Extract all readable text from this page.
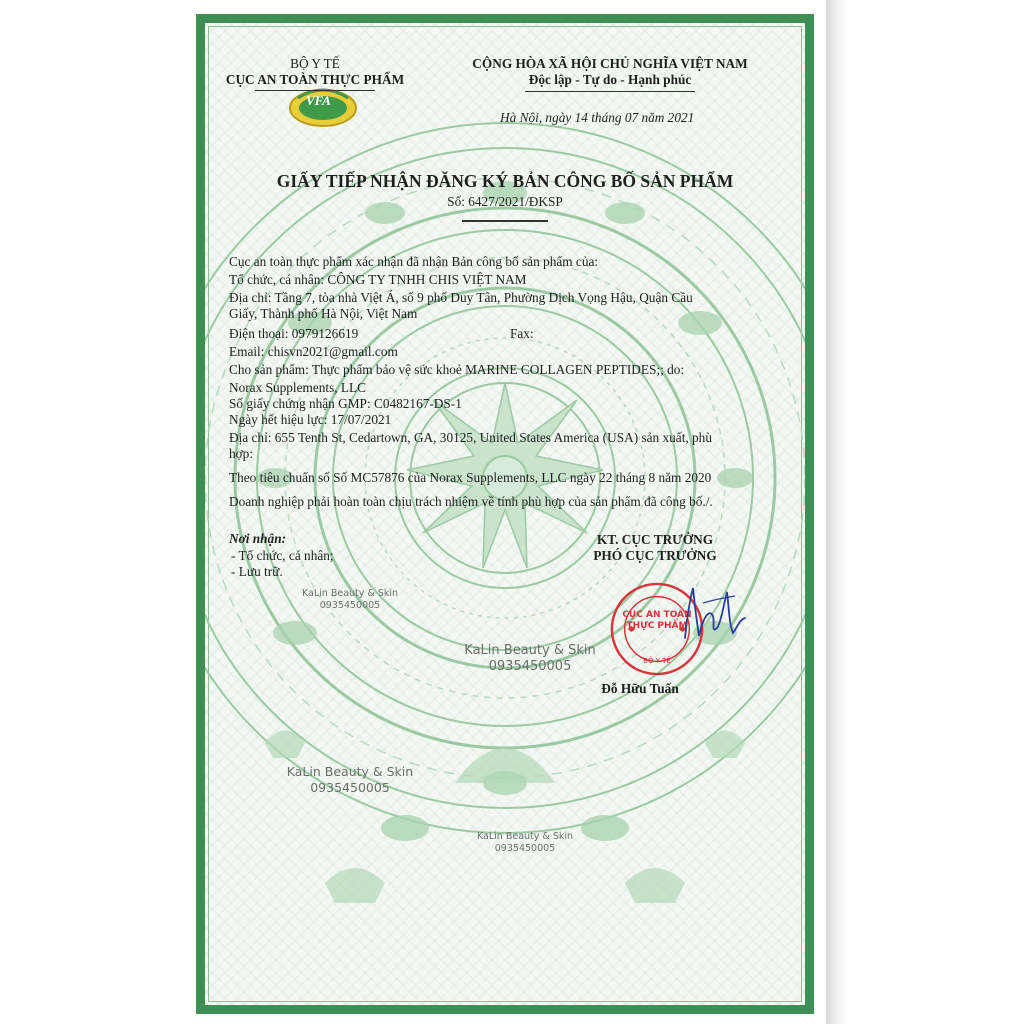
VFA
BỘ Y TẾ
CỤC AN TOÀN THỰC PHẨM
CỘNG HÒA XÃ HỘI CHỦ NGHĨA VIỆT NAM
Độc lập - Tự do - Hạnh phúc
Hà Nội, ngày 14 tháng 07 năm 2021
GIẤY TIẾP NHẬN ĐĂNG KÝ BẢN CÔNG BỐ SẢN PHẨM
Số: 6427/2021/ĐKSP
Cục an toàn thực phẩm xác nhận đã nhận Bản công bố sản phẩm của:
Tổ chức, cá nhân: CÔNG TY TNHH CHIS VIỆT NAM
Địa chỉ: Tầng 7, tòa nhà Việt Á, số 9 phố Duy Tân, Phường Dịch Vọng Hậu, Quận Cầu
Giấy, Thành phố Hà Nội, Việt Nam
Điện thoại: 0979126619	Fax:
Email: chisvn2021@gmail.com
Cho sản phẩm: Thực phẩm bảo vệ sức khoẻ MARINE COLLAGEN PEPTIDES;; do:
Norax Supplements, LLC
Số giấy chứng nhận GMP: C0482167-DS-1
Ngày hết hiệu lực: 17/07/2021
Địa chỉ: 655 Tenth St, Cedartown, GA, 30125, United States America (USA) sản xuất, phù
hợp:
Theo tiêu chuẩn số Số MC57876 của Norax Supplements, LLC ngày 22 tháng 8 năm 2020
Doanh nghiệp phải hoàn toàn chịu trách nhiệm về tính phù hợp của sản phẩm đã công bố./.
Nơi nhận:
- Tổ chức, cá nhân;
- Lưu trữ.
KT. CỤC TRƯỞNG
PHÓ CỤC TRƯỞNG
CỤC AN TOÀN THỰC PHẨM
BỘ Y TẾ
Đỗ Hữu Tuấn
KaLin Beauty & Skin
0935450005
KaLin Beauty & Skin
0935450005
KaLin Beauty & Skin
0935450005
KaLin Beauty & Skin
0935450005
